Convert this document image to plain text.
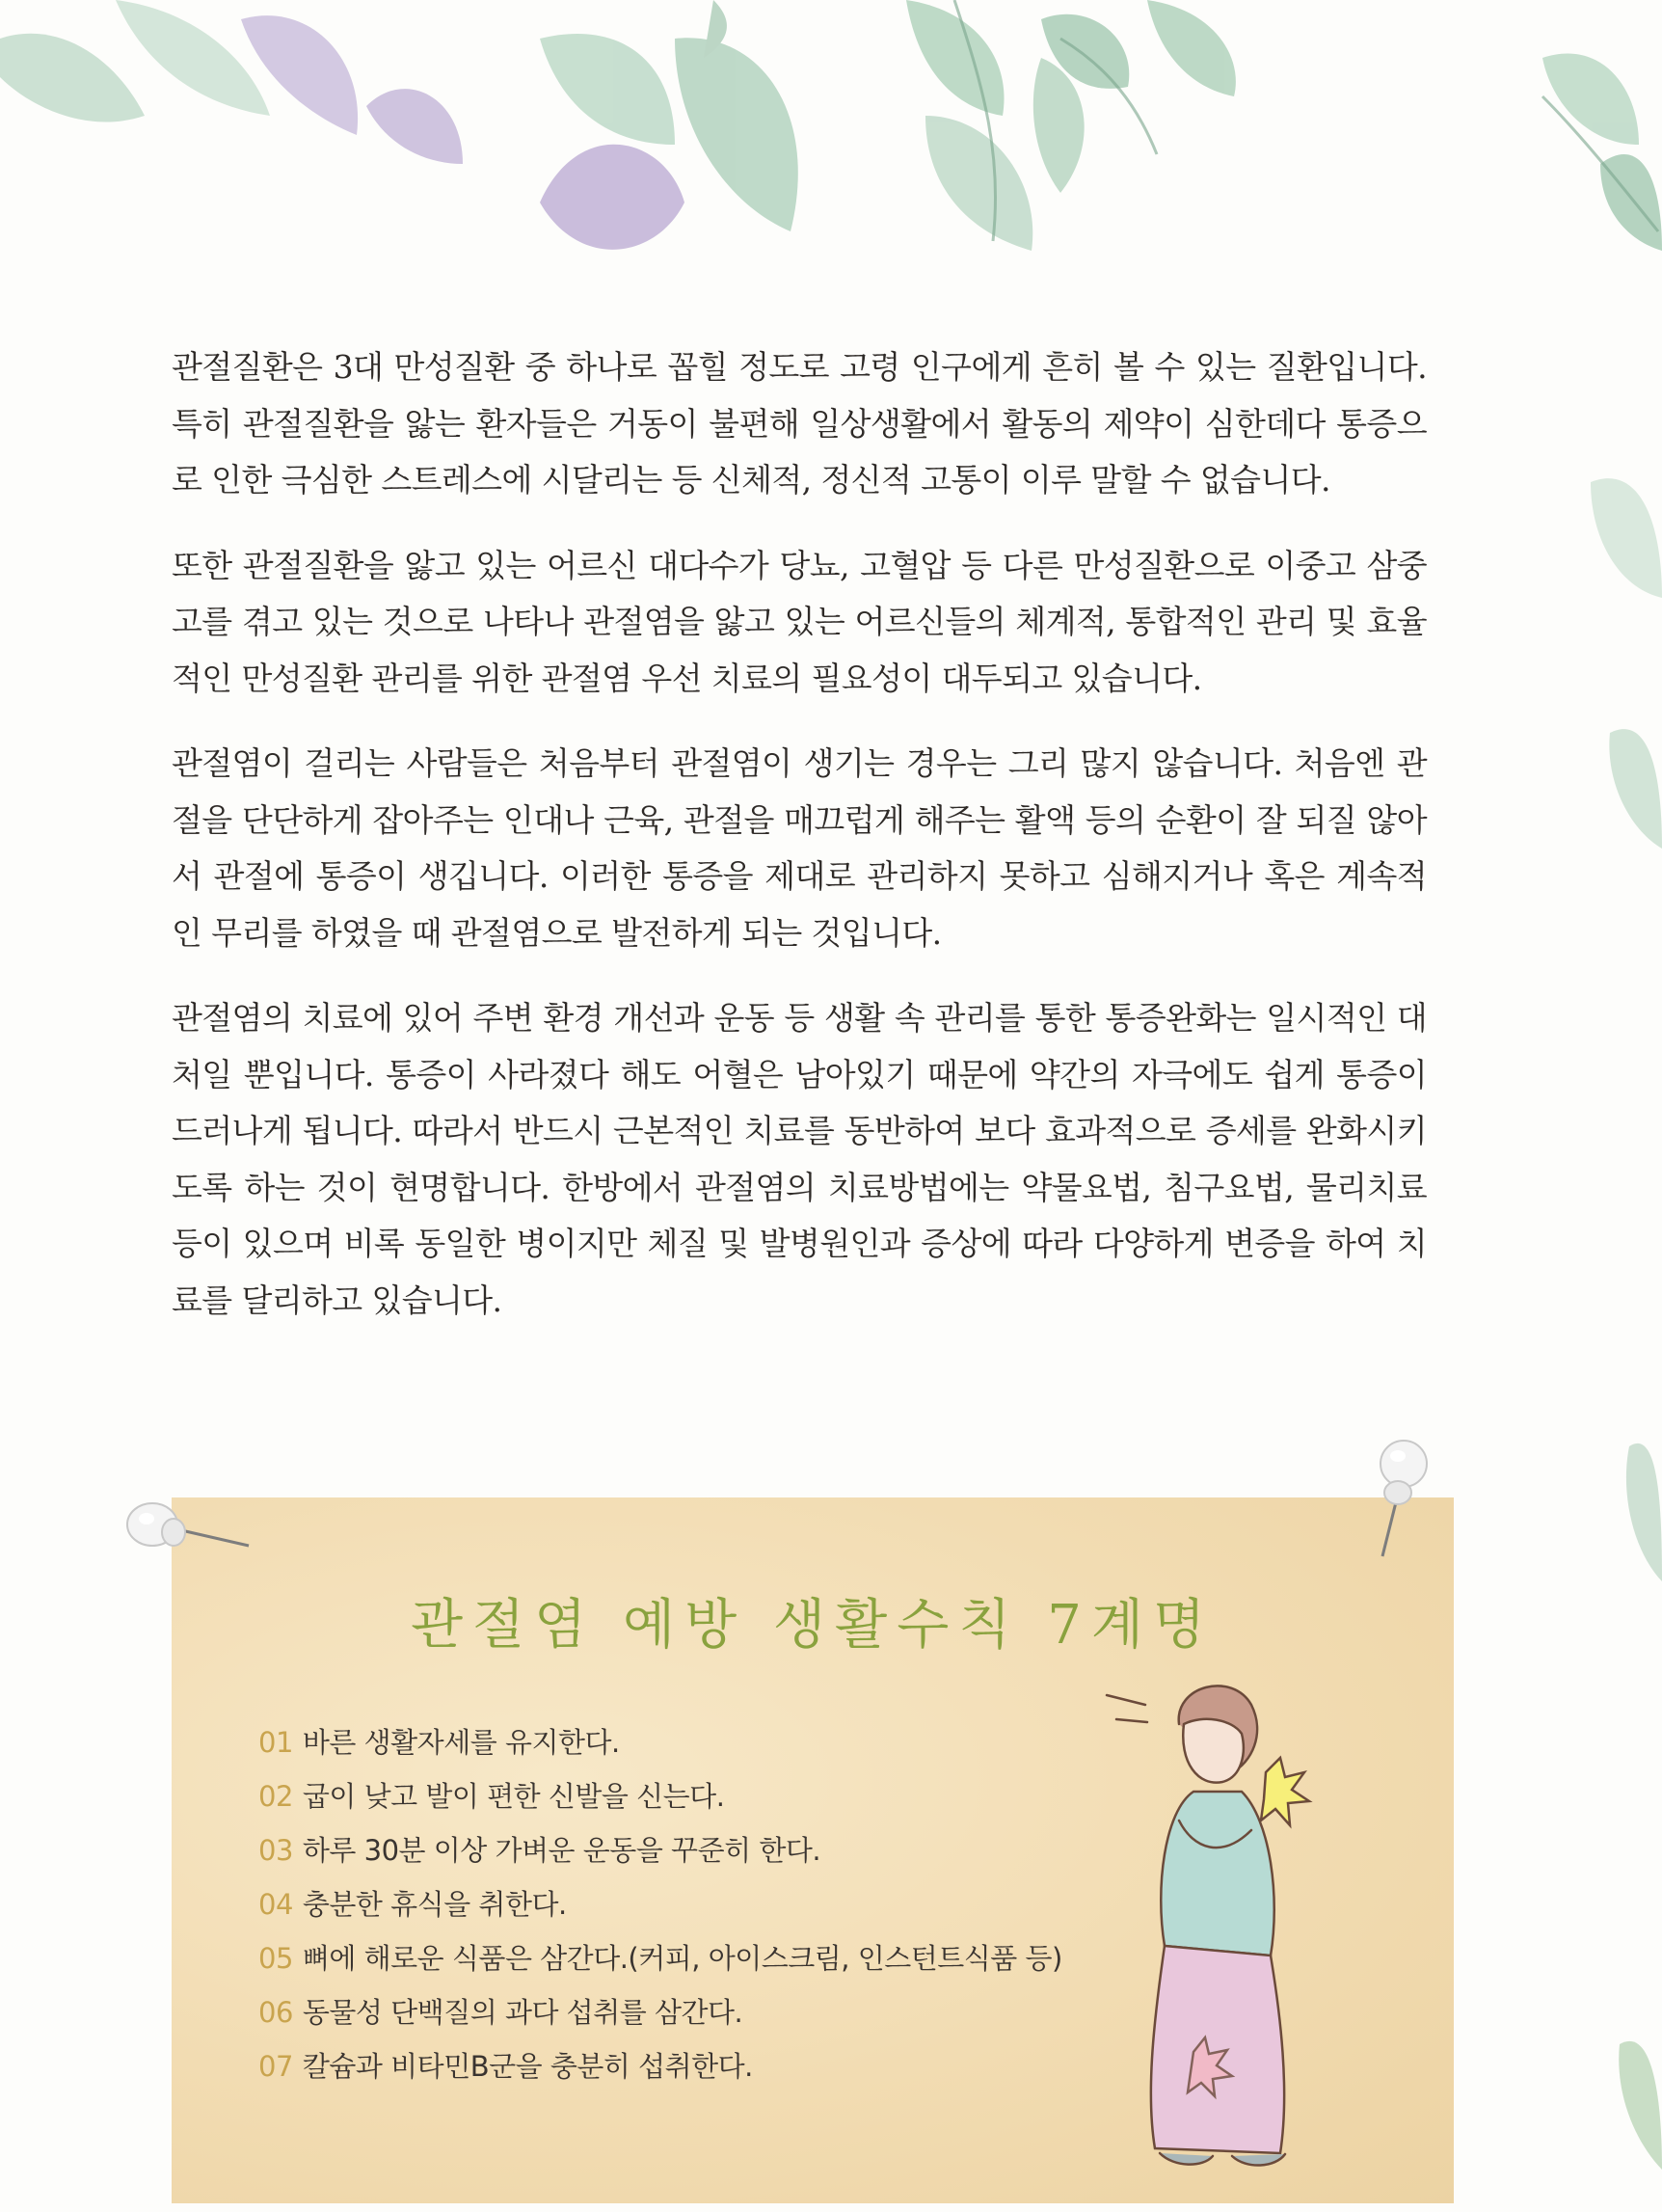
관절질환은 3대 만성질환 중 하나로 꼽힐 정도로 고령 인구에게 흔히 볼 수 있는 질환입니다. 특히 관절질환을 앓는 환자들은 거동이 불편해 일상생활에서 활동의 제약이 심한데다 통증으로 인한 극심한 스트레스에 시달리는 등 신체적, 정신적 고통이 이루 말할 수 없습니다.

또한 관절질환을 앓고 있는 어르신 대다수가 당뇨, 고혈압 등 다른 만성질환으로 이중고 삼중고를 겪고 있는 것으로 나타나 관절염을 앓고 있는 어르신들의 체계적, 통합적인 관리 및 효율적인 만성질환 관리를 위한 관절염 우선 치료의 필요성이 대두되고 있습니다.

관절염이 걸리는 사람들은 처음부터 관절염이 생기는 경우는 그리 많지 않습니다. 처음엔 관절을 단단하게 잡아주는 인대나 근육, 관절을 매끄럽게 해주는 활액 등의 순환이 잘 되질 않아서 관절에 통증이 생깁니다. 이러한 통증을 제대로 관리하지 못하고 심해지거나 혹은 계속적인 무리를 하였을 때 관절염으로 발전하게 되는 것입니다.

관절염의 치료에 있어 주변 환경 개선과 운동 등 생활 속 관리를 통한 통증완화는 일시적인 대처일 뿐입니다. 통증이 사라졌다 해도 어혈은 남아있기 때문에 약간의 자극에도 쉽게 통증이 드러나게 됩니다. 따라서 반드시 근본적인 치료를 동반하여 보다 효과적으로 증세를 완화시키도록 하는 것이 현명합니다. 한방에서 관절염의 치료방법에는 약물요법, 침구요법, 물리치료 등이 있으며 비록 동일한 병이지만 체질 및 발병원인과 증상에 따라 다양하게 변증을 하여 치료를 달리하고 있습니다.

관절염 예방 생활수칙 7계명
01 바른 생활자세를 유지한다.
02 굽이 낮고 발이 편한 신발을 신는다.
03 하루 30분 이상 가벼운 운동을 꾸준히 한다.
04 충분한 휴식을 취한다.
05 뼈에 해로운 식품은 삼간다.(커피, 아이스크림, 인스턴트식품 등)
06 동물성 단백질의 과다 섭취를 삼간다.
07 칼슘과 비타민B군을 충분히 섭취한다.
